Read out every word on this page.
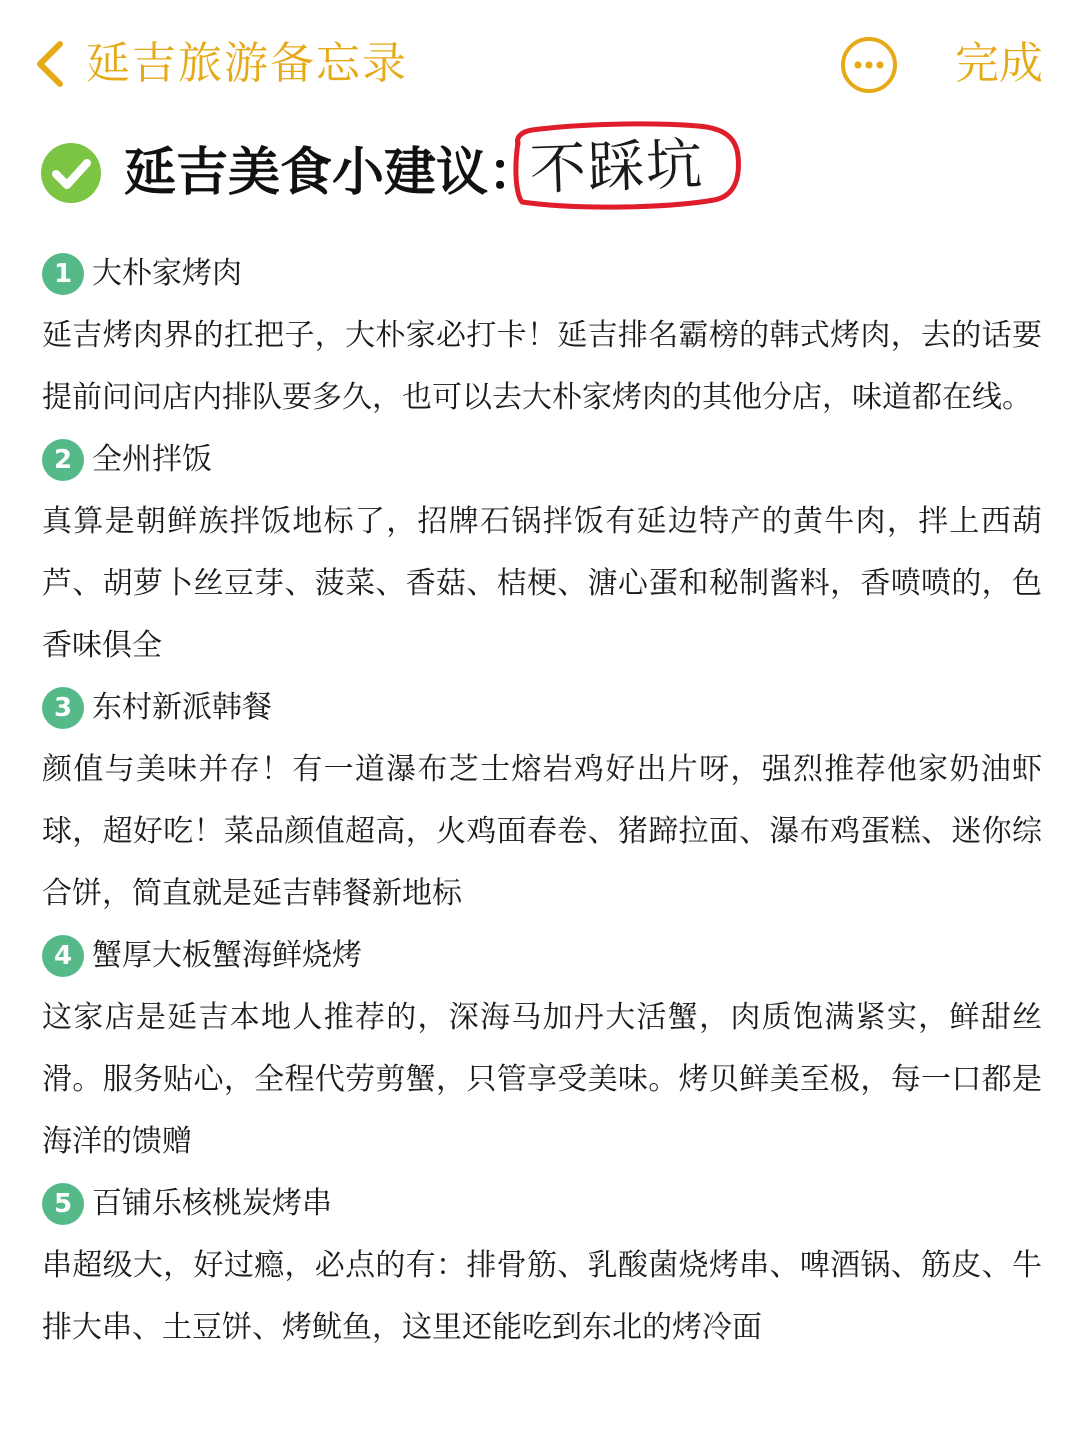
延吉旅游备忘录	完成
延吉美食小建议：
不踩坑
1 大朴家烤肉

延吉烤肉界的扛把子，大朴家必打卡！延吉排名霸榜的韩式烤肉，去的话要提前问问店内排队要多久，也可以去大朴家烤肉的其他分店，味道都在线。

2 全州拌饭

真算是朝鲜族拌饭地标了，招牌石锅拌饭有延边特产的黄牛肉，拌上西葫芦、胡萝卜丝豆芽、菠菜、香菇、桔梗、溏心蛋和秘制酱料，香喷喷的，色香味俱全

3 东村新派韩餐

颜值与美味并存！有一道瀑布芝士熔岩鸡好出片呀，强烈推荐他家奶油虾球，超好吃！菜品颜值超高，火鸡面春卷、猪蹄拉面、瀑布鸡蛋糕、迷你综合饼，简直就是延吉韩餐新地标

4 蟹厚大板蟹海鲜烧烤

这家店是延吉本地人推荐的，深海马加丹大活蟹，肉质饱满紧实，鲜甜丝滑。服务贴心，全程代劳剪蟹，只管享受美味。烤贝鲜美至极，每一口都是海洋的馈赠

5 百铺乐核桃炭烤串

串超级大，好过瘾，必点的有：排骨筋、乳酸菌烧烤串、啤酒锅、筋皮、牛排大串、土豆饼、烤鱿鱼，这里还能吃到东北的烤冷面
